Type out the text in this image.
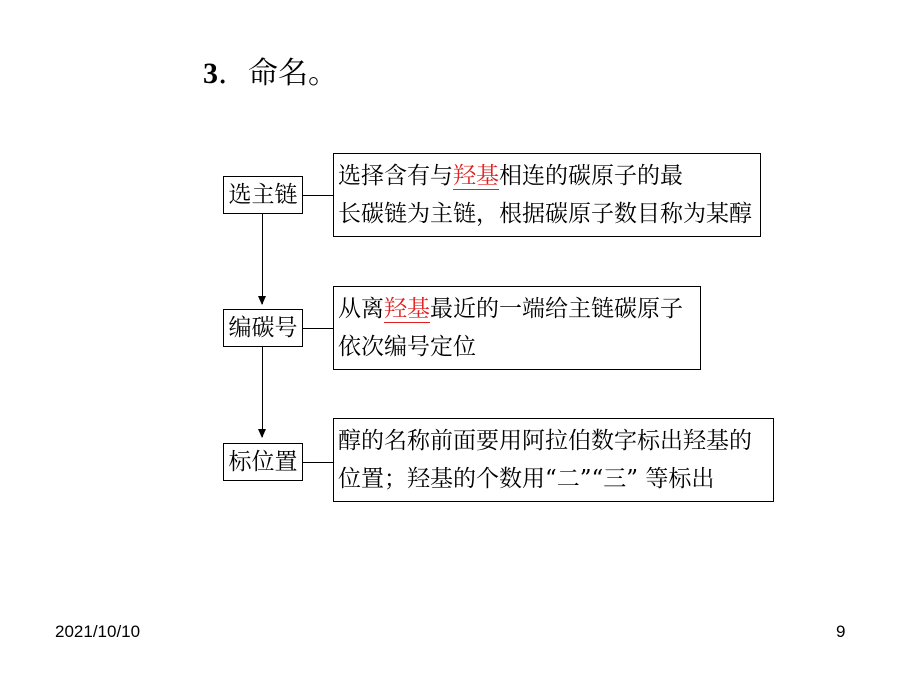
3．命名。
选主链
选择含有与羟基相连的碳原子的最
长碳链为主链，根据碳原子数目称为某醇
编碳号
从离羟基最近的一端给主链碳原子
依次编号定位
标位置
醇的名称前面要用阿拉伯数字标出羟基的
位置；羟基的个数用“二”“三” 等标出
2021/10/10	9
